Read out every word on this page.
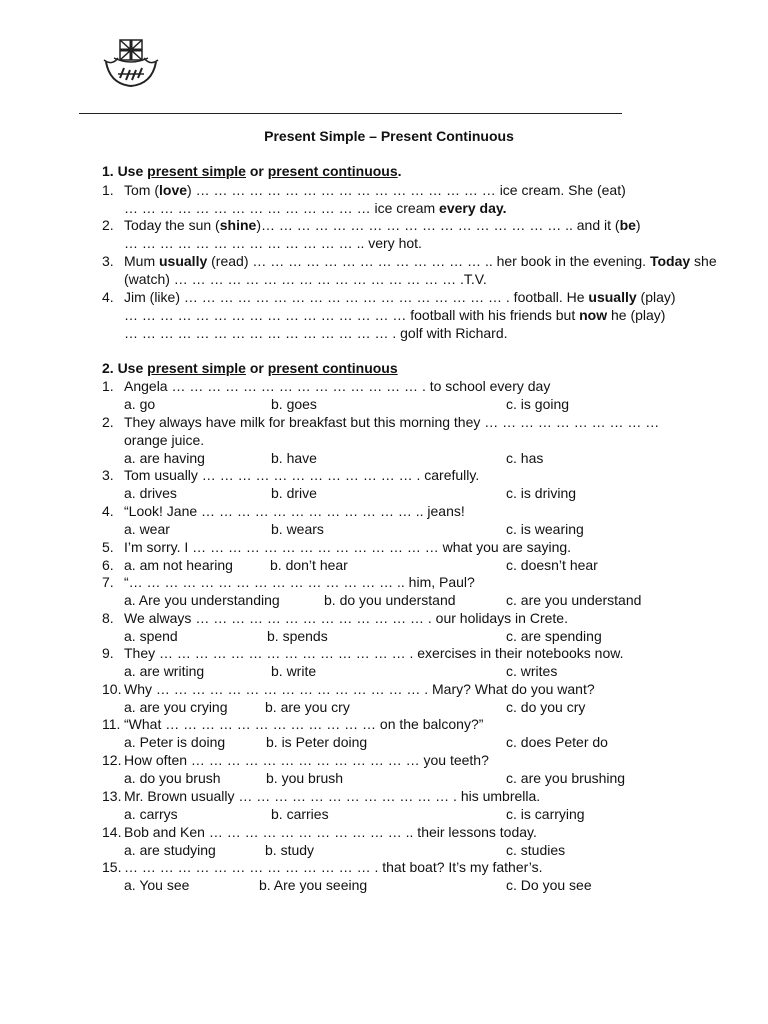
Present Simple – Present Continuous
1. Use present simple or present continuous.
1. Tom (love) … … … … … … … … … … … … … … … … … ice cream. She (eat)
… … … … … … … … … … … … … … ice cream every day.
2. Today the sun (shine)… … … … … … … … … … … … … … … … … .. and it (be)
… … … … … … … … … … … … … .. very hot.
3. Mum usually (read) … … … … … … … … … … … … … .. her book in the evening. Today she
(watch) … … … … … … … … … … … … … … … … .T.V.
4. Jim (like) … … … … … … … … … … … … … … … … … … . football. He usually (play)
… … … … … … … … … … … … … … … … football with his friends but now he (play)
… … … … … … … … … … … … … … … . golf with Richard.
2. Use present simple or present continuous
1. Angela … … … … … … … … … … … … … … . to school every day
a. go	b. goes	c. is going
2. They always have milk for breakfast but this morning they … … … … … … … … … …
orange juice.
a. are having	b. have	c. has
3. Tom usually … … … … … … … … … … … … . carefully.
a. drives	b. drive	c. is driving
4. “Look! Jane … … … … … … … … … … … … .. jeans!
a. wear	b. wears	c. is wearing
5. I’m sorry. I … … … … … … … … … … … … … … what you are saying.
6. a. am not hearing	b. don’t hear	c. doesn’t hear
7. “… … … … … … … … … … … … … … … .. him, Paul?
a. Are you understanding	b. do you understand	c. are you understand
8. We always … … … … … … … … … … … … … . our holidays in Crete.
a. spend	b. spends	c. are spending
9. They … … … … … … … … … … … … … … . exercises in their notebooks now.
a. are writing	b. write	c. writes
10. Why … … … … … … … … … … … … … … … . Mary? What do you want?
a. are you crying	b. are you cry	c. do you cry
11. “What … … … … … … … … … … … … on the balcony?”
a. Peter is doing	b. is Peter doing	c. does Peter do
12. How often … … … … … … … … … … … … … you teeth?
a. do you brush	b. you brush	c. are you brushing
13. Mr. Brown usually … … … … … … … … … … … … . his umbrella.
a. carrys	b. carries	c. is carrying
14. Bob and Ken … … … … … … … … … … … .. their lessons today.
a. are studying	b. study	c. studies
15. … … … … … … … … … … … … … … . that boat? It’s my father’s.
a. You see	b. Are you seeing	c. Do you see
